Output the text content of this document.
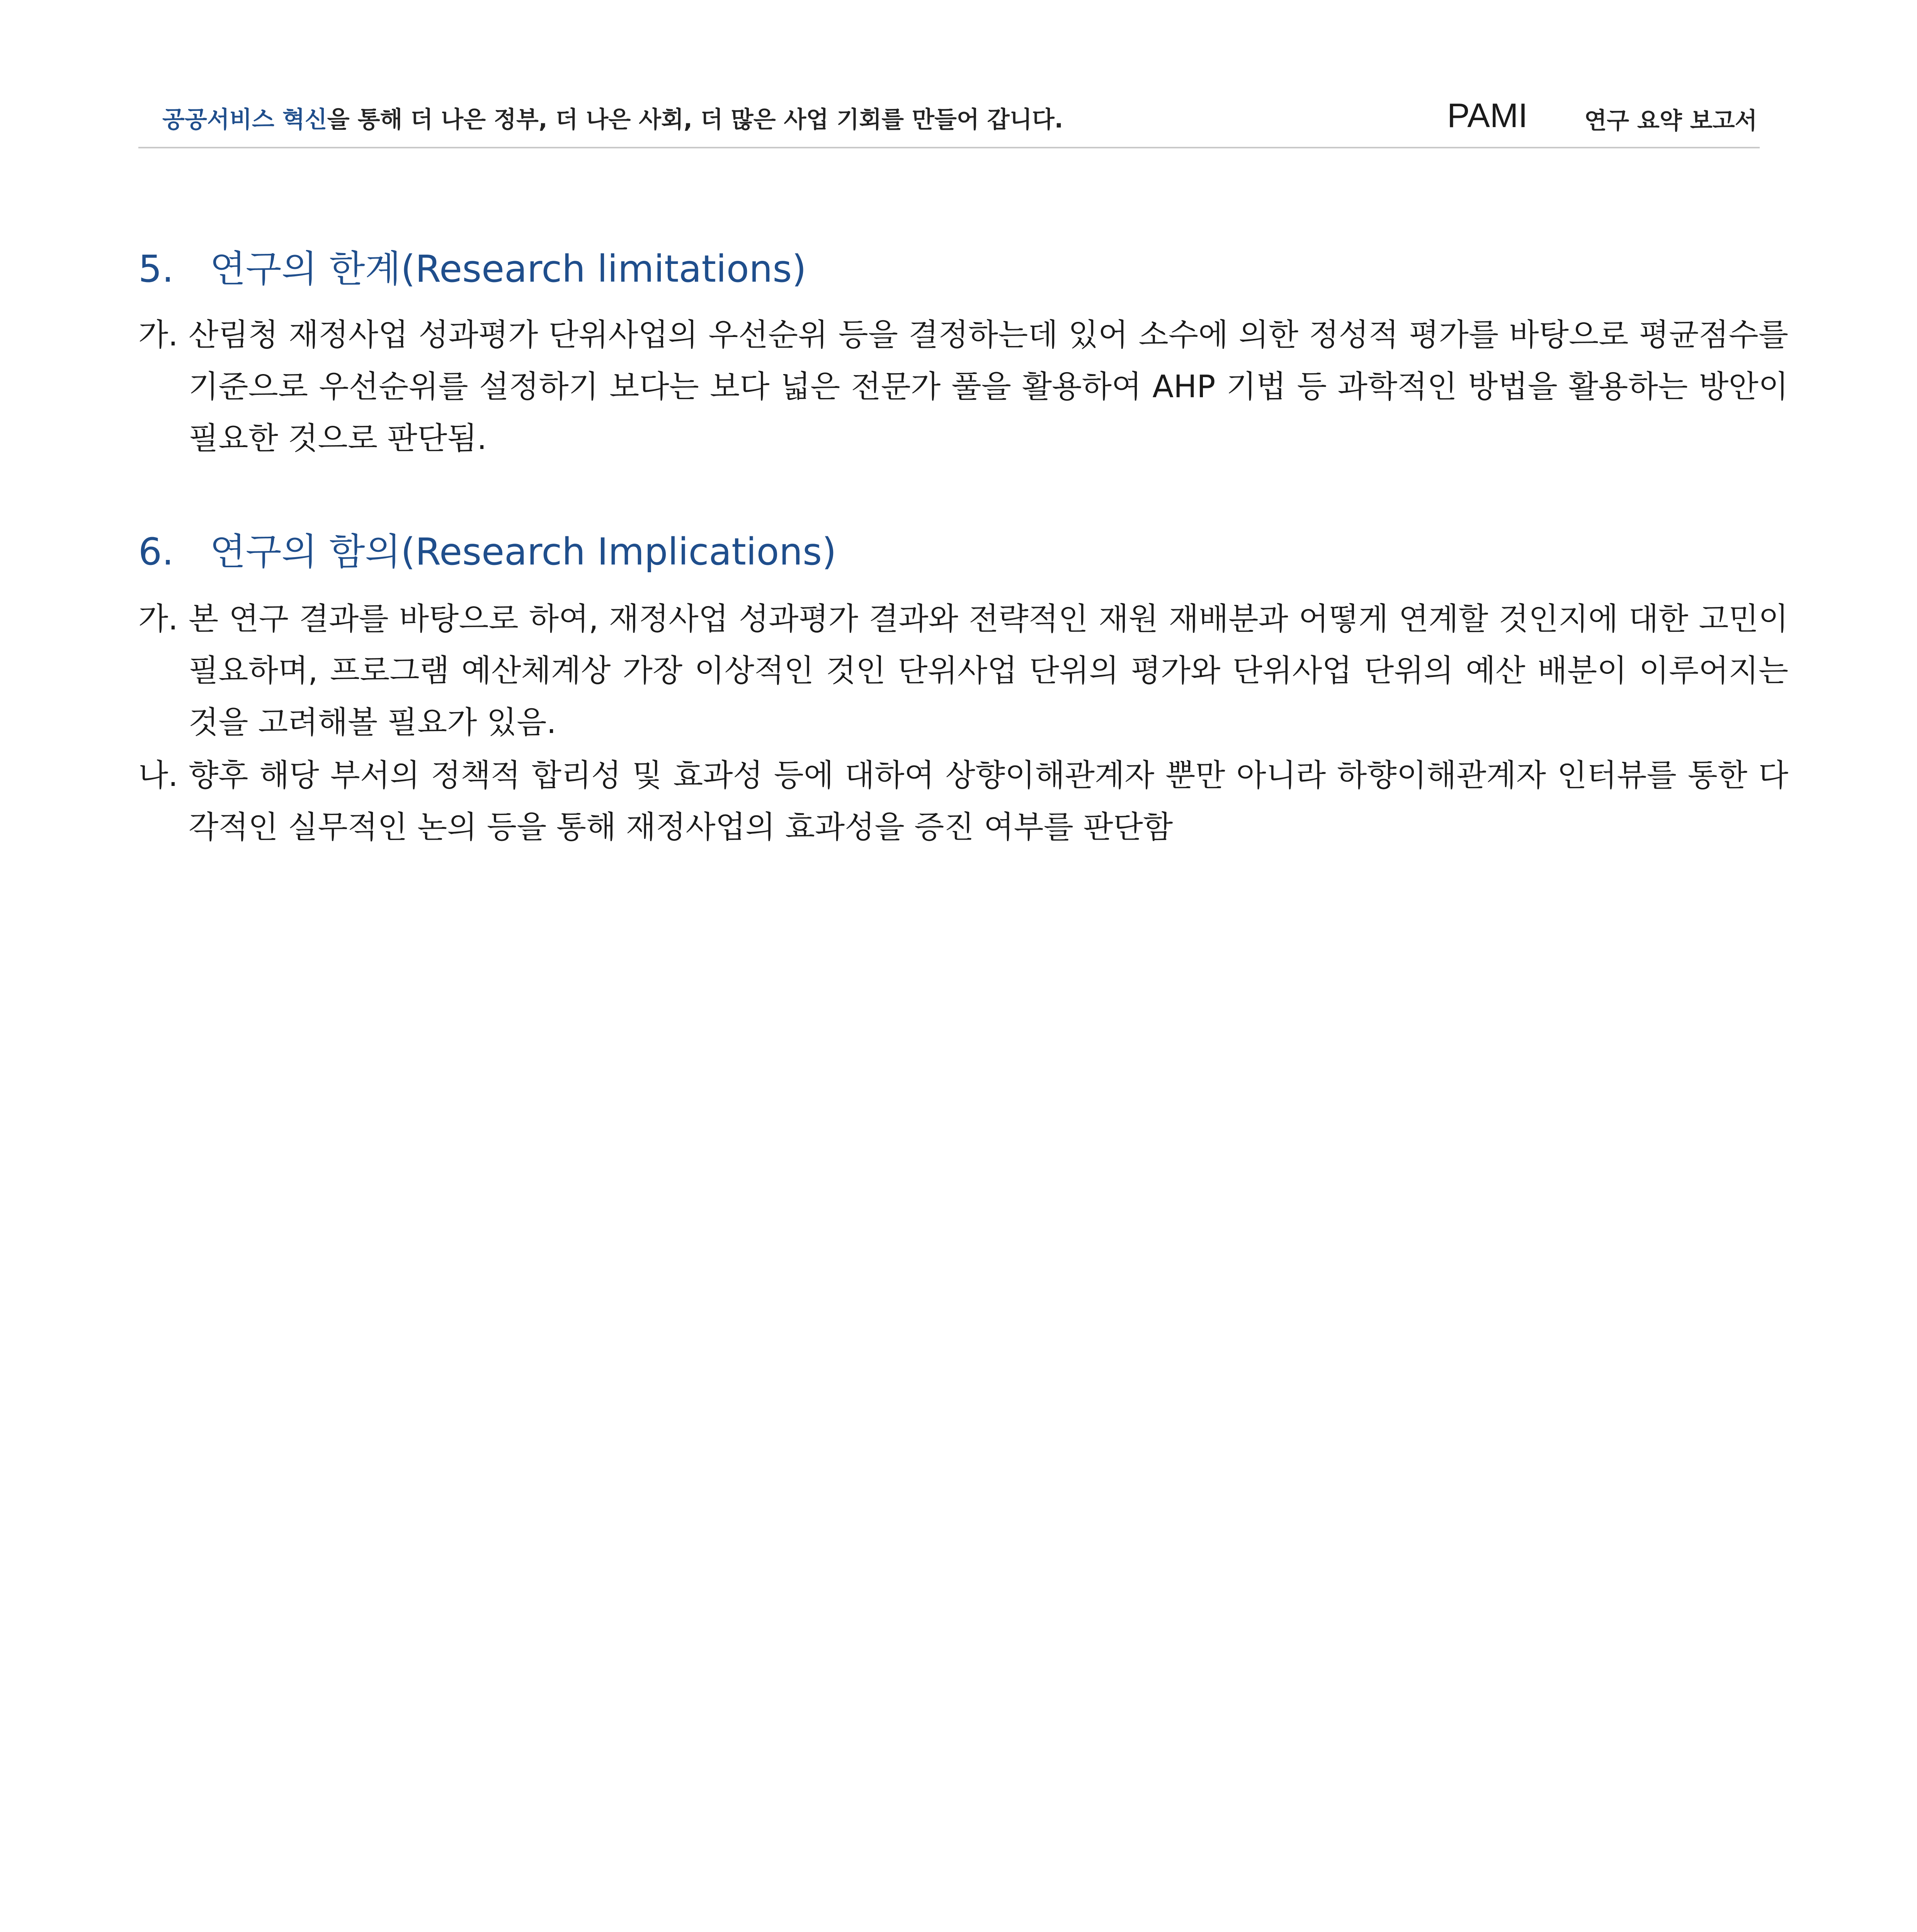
공공서비스 혁신을 통해 더 나은 정부, 더 나은 사회, 더 많은 사업 기회를 만들어 갑니다.	PAMI 연구 요약 보고서
5. 연구의 한계(Research limitations)
가. 산림청 재정사업 성과평가 단위사업의 우선순위 등을 결정하는데 있어 소수에 의한 정성적 평가를 바탕으로 평균점수를 기준으로 우선순위를 설정하기 보다는 보다 넓은 전문가 풀을 활용하여 AHP 기법 등 과학적인 방법을 활용하는 방안이 필요한 것으로 판단됨.
6. 연구의 함의(Research Implications)
가. 본 연구 결과를 바탕으로 하여, 재정사업 성과평가 결과와 전략적인 재원 재배분과 어떻게 연계할 것인지에 대한 고민이 필요하며, 프로그램 예산체계상 가장 이상적인 것인 단위사업 단위의 평가와 단위사업 단위의 예산 배분이 이루어지는 것을 고려해볼 필요가 있음.
나. 향후 해당 부서의 정책적 합리성 및 효과성 등에 대하여 상향이해관계자 뿐만 아니라 하향이해관계자 인터뷰를 통한 다각적인 실무적인 논의 등을 통해 재정사업의 효과성을 증진 여부를 판단함
